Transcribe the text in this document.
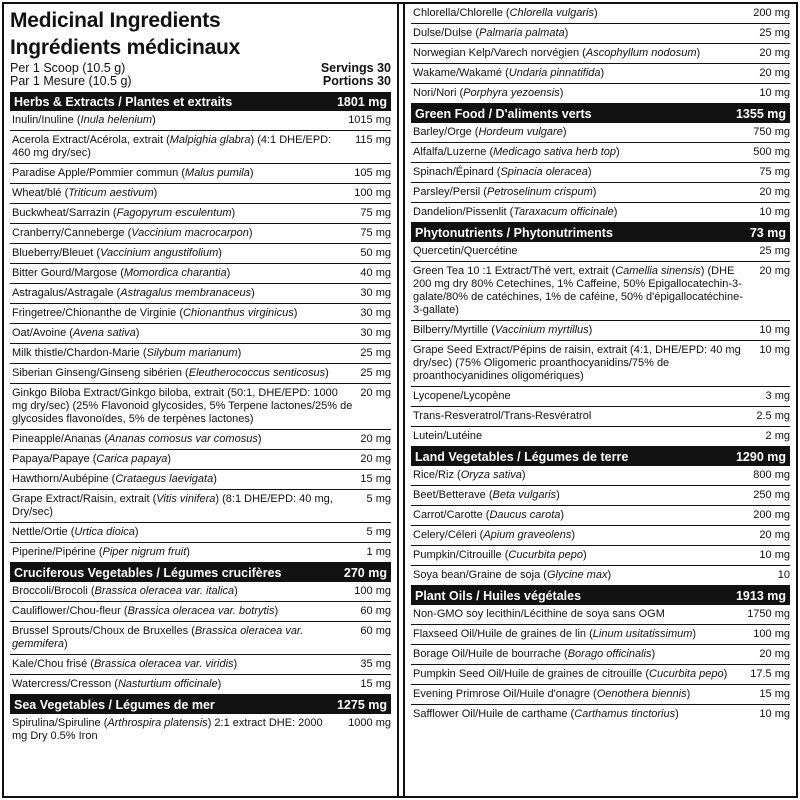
Medicinal Ingredients
Ingrédients médicinaux
Per 1 Scoop (10.5 g)	Servings 30
Par 1 Mesure (10.5 g)	Portions 30
Herbs & Extracts / Plantes et extraits	1801 mg
Inulin/Inuline (Inula helenium)	1015 mg
Acerola Extract/Acérola, extrait (Malpighia glabra) (4:1 DHE/EPD: 460 mg dry/sec)
115 mg
Paradise Apple/Pommier commun (Malus pumila)	105 mg
Wheat/blé (Triticum aestivum)	100 mg
Buckwheat/Sarrazin (Fagopyrum esculentum)	75 mg
Cranberry/Canneberge (Vaccinium macrocarpon)	75 mg
Blueberry/Bleuet (Vaccinium angustifolium)	50 mg
Bitter Gourd/Margose (Momordica charantia)	40 mg
Astragalus/Astragale (Astragalus membranaceus)	30 mg
Fringetree/Chionanthe de Virginie (Chionanthus virginicus)	30 mg
Oat/Avoine (Avena sativa)	30 mg
Milk thistle/Chardon-Marie (Silybum marianum)	25 mg
Siberian Ginseng/Ginseng sibérien (Eleutherococcus senticosus)	25 mg
Ginkgo Biloba Extract/Ginkgo biloba, extrait (50:1, DHE/EPD: 1000 mg dry/sec) (25% Flavonoid glycosides, 5% Terpene lactones/25% de glycosides flavonoïdes, 5% de terpènes lactones)
20 mg
Pineapple/Ananas (Ananas comosus var comosus)	20 mg
Papaya/Papaye (Carica papaya)	20 mg
Hawthorn/Aubépine (Crataegus laevigata)	15 mg
Grape Extract/Raisin, extrait (Vitis vinifera) (8:1 DHE/EPD: 40 mg, Dry/sec)
5 mg
Nettle/Ortie (Urtica dioica)	5 mg
Piperine/Pipérine (Piper nigrum fruit)	1 mg
Cruciferous Vegetables / Légumes crucifères	270 mg
Broccoli/Brocoli (Brassica oleracea var. italica)	100 mg
Cauliflower/Chou-fleur (Brassica oleracea var. botrytis)	60 mg
Brussel Sprouts/Choux de Bruxelles (Brassica oleracea var. gemmifera)
60 mg
Kale/Chou frisé (Brassica oleracea var. viridis)	35 mg
Watercress/Cresson (Nasturtium officinale)	15 mg
Sea Vegetables / Légumes de mer	1275 mg
Spirulina/Spiruline (Arthrospira platensis) 2:1 extract DHE: 2000 mg Dry 0.5% Iron
1000 mg
Chlorella/Chlorelle (Chlorella vulgaris)	200 mg
Dulse/Dulse (Palmaria palmata)	25 mg
Norwegian Kelp/Varech norvégien (Ascophyllum nodosum)	20 mg
Wakame/Wakamé (Undaria pinnatifida)	20 mg
Nori/Nori (Porphyra yezoensis)	10 mg
Green Food / D'aliments verts	1355 mg
Barley/Orge (Hordeum vulgare)	750 mg
Alfalfa/Luzerne (Medicago sativa herb top)	500 mg
Spinach/Épinard (Spinacia oleracea)	75 mg
Parsley/Persil (Petroselinum crispum)	20 mg
Dandelion/Pissenlit (Taraxacum officinale)	10 mg
Phytonutrients / Phytonutriments	73 mg
Quercetin/Quercétine	25 mg
Green Tea 10 :1 Extract/Thé vert, extrait (Camellia sinensis) (DHE 200 mg dry 80% Cetechines, 1% Caffeine, 50% Epigallocatechin-3-galate/80% de catéchines, 1% de caféine, 50% d'épigallocatéchine-3-gallate)
20 mg
Bilberry/Myrtille (Vaccinium myrtillus)	10 mg
Grape Seed Extract/Pépins de raisin, extrait (4:1, DHE/EPD: 40 mg dry/sec) (75% Oligomeric proanthocyanidins/75% de proanthocyanidines oligomériques)
10 mg
Lycopene/Lycopène	3 mg
Trans-Resveratrol/Trans-Resvératrol	2.5 mg
Lutein/Lutéine	2 mg
Land Vegetables / Légumes de terre	1290 mg
Rice/Riz (Oryza sativa)	800 mg
Beet/Betterave (Beta vulgaris)	250 mg
Carrot/Carotte (Daucus carota)	200 mg
Celery/Céleri (Apium graveolens)	20 mg
Pumpkin/Citrouille (Cucurbita pepo)	10 mg
Soya bean/Graine de soja (Glycine max)	10
Plant Oils / Huiles végétales	1913 mg
Non-GMO soy lecithin/Lécithine de soya sans OGM	1750 mg
Flaxseed Oil/Huile de graines de lin (Linum usitatissimum)	100 mg
Borage Oil/Huile de bourrache (Borago officinalis)	20 mg
Pumpkin Seed Oil/Huile de graines de citrouille (Cucurbita pepo)	17.5 mg
Evening Primrose Oil/Huile d'onagre (Oenothera biennis)	15 mg
Safflower Oil/Huile de carthame (Carthamus tinctorius)	10 mg
